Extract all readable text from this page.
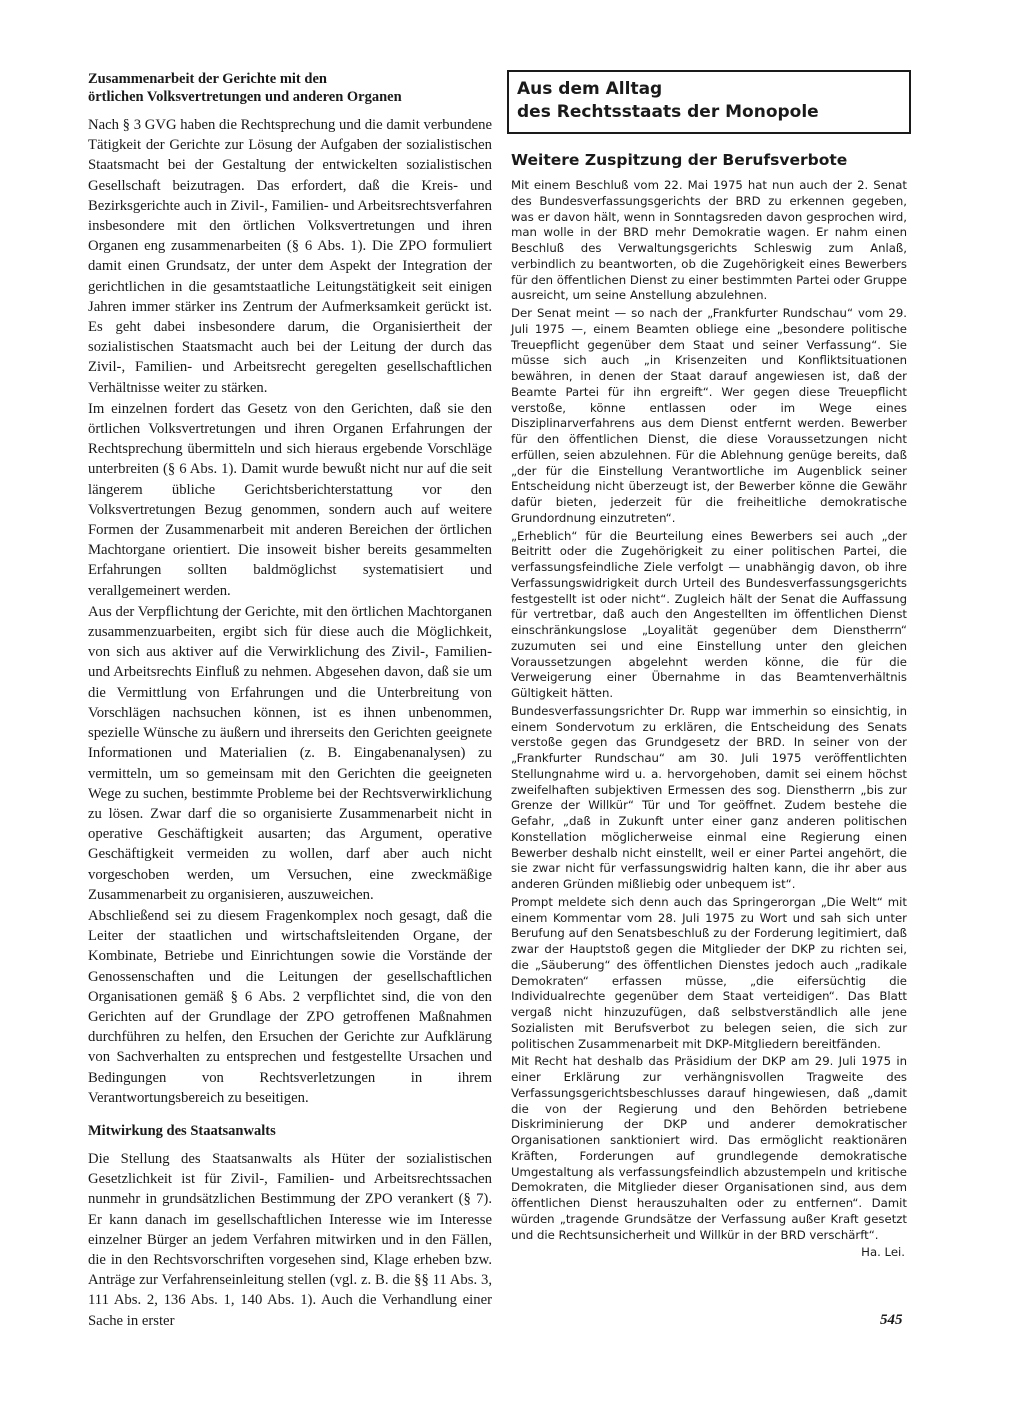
Zusammenarbeit der Gerichte mit den
örtlichen Volksvertretungen und anderen Organen

Nach § 3 GVG haben die Rechtsprechung und die damit verbundene Tätigkeit der Gerichte zur Lösung der Aufgaben der sozialistischen Staatsmacht bei der Gestaltung der entwickelten sozialistischen Gesellschaft beizutragen. Das erfordert, daß die Kreis- und Bezirksgerichte auch in Zivil-, Familien- und Arbeitsrechtsverfahren insbesondere mit den örtlichen Volksvertretungen und ihren Organen eng zusammenarbeiten (§ 6 Abs. 1). Die ZPO formuliert damit einen Grundsatz, der unter dem Aspekt der Integration der gerichtlichen in die gesamtstaatliche Leitungstätigkeit seit einigen Jahren immer stärker ins Zentrum der Aufmerksamkeit gerückt ist. Es geht dabei insbesondere darum, die Organisiertheit der sozialistischen Staatsmacht auch bei der Leitung der durch das Zivil-, Familien- und Arbeitsrecht geregelten gesellschaftlichen Verhältnisse weiter zu stärken.

Im einzelnen fordert das Gesetz von den Gerichten, daß sie den örtlichen Volksvertretungen und ihren Organen Erfahrungen der Rechtsprechung übermitteln und sich hieraus ergebende Vorschläge unterbreiten (§ 6 Abs. 1). Damit wurde bewußt nicht nur auf die seit längerem übliche Gerichtsberichterstattung vor den Volksvertretungen Bezug genommen, sondern auch auf weitere Formen der Zusammenarbeit mit anderen Bereichen der örtlichen Machtorgane orientiert. Die insoweit bisher bereits gesammelten Erfahrungen sollten baldmöglichst systematisiert und verallgemeinert werden.

Aus der Verpflichtung der Gerichte, mit den örtlichen Machtorganen zusammenzuarbeiten, ergibt sich für diese auch die Möglichkeit, von sich aus aktiver auf die Verwirklichung des Zivil-, Familien- und Arbeitsrechts Einfluß zu nehmen. Abgesehen davon, daß sie um die Vermittlung von Erfahrungen und die Unterbreitung von Vorschlägen nachsuchen können, ist es ihnen unbenommen, spezielle Wünsche zu äußern und ihrerseits den Gerichten geeignete Informationen und Materialien (z. B. Eingabenanalysen) zu vermitteln, um so gemeinsam mit den Gerichten die geeigneten Wege zu suchen, bestimmte Probleme bei der Rechtsverwirklichung zu lösen. Zwar darf die so organisierte Zusammenarbeit nicht in operative Geschäftigkeit ausarten; das Argument, operative Geschäftigkeit vermeiden zu wollen, darf aber auch nicht vorgeschoben werden, um Versuchen, eine zweckmäßige Zusammenarbeit zu organisieren, auszuweichen.

Abschließend sei zu diesem Fragenkomplex noch gesagt, daß die Leiter der staatlichen und wirtschaftsleitenden Organe, der Kombinate, Betriebe und Einrichtungen sowie die Vorstände der Genossenschaften und die Leitungen der gesellschaftlichen Organisationen gemäß § 6 Abs. 2 verpflichtet sind, die von den Gerichten auf der Grundlage der ZPO getroffenen Maßnahmen durchführen zu helfen, den Ersuchen der Gerichte zur Aufklärung von Sachverhalten zu entsprechen und festgestellte Ursachen und Bedingungen von Rechtsverletzungen in ihrem Verantwortungsbereich zu beseitigen.

Mitwirkung des Staatsanwalts

Die Stellung des Staatsanwalts als Hüter der sozialistischen Gesetzlichkeit ist für Zivil-, Familien- und Arbeitsrechtssachen nunmehr in grundsätzlichen Bestimmung der ZPO verankert (§ 7). Er kann danach im gesellschaftlichen Interesse wie im Interesse einzelner Bürger an jedem Verfahren mitwirken und in den Fällen, die in den Rechtsvorschriften vorgesehen sind, Klage erheben bzw. Anträge zur Verfahrenseinleitung stellen (vgl. z. B. die §§ 11 Abs. 3, 111 Abs. 2, 136 Abs. 1, 140 Abs. 1). Auch die Verhandlung einer Sache in erster

Aus dem Alltag
des Rechtsstaats der Monopole
Weitere Zuspitzung der Berufsverbote

Mit einem Beschluß vom 22. Mai 1975 hat nun auch der 2. Senat des Bundesverfassungsgerichts der BRD zu erkennen gegeben, was er davon hält, wenn in Sonntagsreden davon gesprochen wird, man wolle in der BRD mehr Demokratie wagen. Er nahm einen Beschluß des Verwaltungsgerichts Schleswig zum Anlaß, verbindlich zu beantworten, ob die Zugehörigkeit eines Bewerbers für den öffentlichen Dienst zu einer bestimmten Partei oder Gruppe ausreicht, um seine Anstellung abzulehnen.

Der Senat meint — so nach der „Frankfurter Rundschau“ vom 29. Juli 1975 —, einem Beamten obliege eine „besondere politische Treuepflicht gegenüber dem Staat und seiner Verfassung“. Sie müsse sich auch „in Krisenzeiten und Konfliktsituationen bewähren, in denen der Staat darauf angewiesen ist, daß der Beamte Partei für ihn ergreift“. Wer gegen diese Treuepflicht verstoße, könne entlassen oder im Wege eines Disziplinarverfahrens aus dem Dienst entfernt werden. Bewerber für den öffentlichen Dienst, die diese Voraussetzungen nicht erfüllen, seien abzulehnen. Für die Ablehnung genüge bereits, daß „der für die Einstellung Verantwortliche im Augenblick seiner Entscheidung nicht überzeugt ist, der Bewerber könne die Gewähr dafür bieten, jederzeit für die freiheitliche demokratische Grundordnung einzutreten“.

„Erheblich“ für die Beurteilung eines Bewerbers sei auch „der Beitritt oder die Zugehörigkeit zu einer politischen Partei, die verfassungsfeindliche Ziele verfolgt — unabhängig davon, ob ihre Verfassungswidrigkeit durch Urteil des Bundesverfassungsgerichts festgestellt ist oder nicht“. Zugleich hält der Senat die Auffassung für vertretbar, daß auch den Angestellten im öffentlichen Dienst einschränkungslose „Loyalität gegenüber dem Dienstherrn“ zuzumuten sei und eine Einstellung unter den gleichen Voraussetzungen abgelehnt werden könne, die für die Verweigerung einer Übernahme in das Beamtenverhältnis Gültigkeit hätten.

Bundesverfassungsrichter Dr. Rupp war immerhin so einsichtig, in einem Sondervotum zu erklären, die Entscheidung des Senats verstoße gegen das Grundgesetz der BRD. In seiner von der „Frankfurter Rundschau“ am 30. Juli 1975 veröffentlichten Stellungnahme wird u. a. hervorgehoben, damit sei einem höchst zweifelhaften subjektiven Ermessen des sog. Dienstherrn „bis zur Grenze der Willkür“ Tür und Tor geöffnet. Zudem bestehe die Gefahr, „daß in Zukunft unter einer ganz anderen politischen Konstellation möglicherweise einmal eine Regierung einen Bewerber deshalb nicht einstellt, weil er einer Partei angehört, die sie zwar nicht für verfassungswidrig halten kann, die ihr aber aus anderen Gründen mißliebig oder unbequem ist“.

Prompt meldete sich denn auch das Springerorgan „Die Welt“ mit einem Kommentar vom 28. Juli 1975 zu Wort und sah sich unter Berufung auf den Senatsbeschluß zu der Forderung legitimiert, daß zwar der Hauptstoß gegen die Mitglieder der DKP zu richten sei, die „Säuberung“ des öffentlichen Dienstes jedoch auch „radikale Demokraten“ erfassen müsse, „die eifersüchtig die Individualrechte gegenüber dem Staat verteidigen“. Das Blatt vergaß nicht hinzuzufügen, daß selbstverständlich alle jene Sozialisten mit Berufsverbot zu belegen seien, die sich zur politischen Zusammenarbeit mit DKP-Mitgliedern bereitfänden.

Mit Recht hat deshalb das Präsidium der DKP am 29. Juli 1975 in einer Erklärung zur verhängnisvollen Tragweite des Verfassungsgerichtsbeschlusses darauf hingewiesen, daß „damit die von der Regierung und den Behörden betriebene Diskriminierung der DKP und anderer demokratischer Organisationen sanktioniert wird. Das ermöglicht reaktionären Kräften, Forderungen auf grundlegende demokratische Umgestaltung als verfassungsfeindlich abzustempeln und kritische Demokraten, die Mitglieder dieser Organisationen sind, aus dem öffentlichen Dienst herauszuhalten oder zu entfernen“. Damit würden „tragende Grundsätze der Verfassung außer Kraft gesetzt und die Rechtsunsicherheit und Willkür in der BRD verschärft“.

Ha. Lei.

545
